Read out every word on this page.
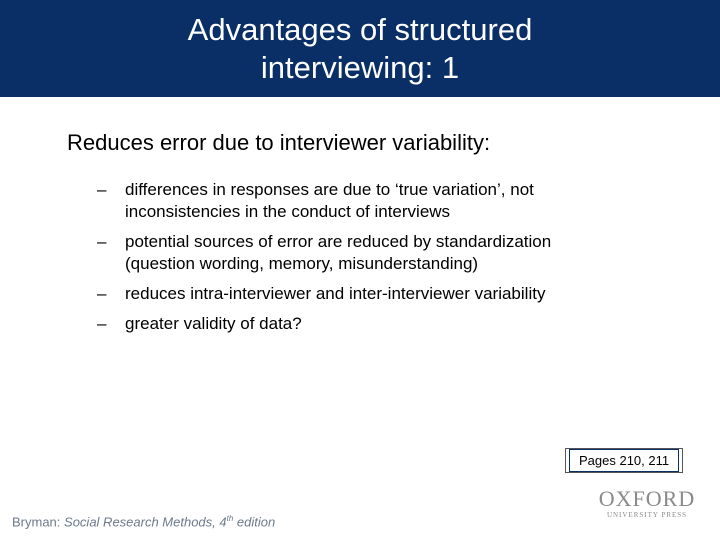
Advantages of structured
interviewing: 1
Reduces error due to interviewer variability:
– differences in responses are due to ‘true variation’, not
inconsistencies in the conduct of interviews
– potential sources of error are reduced by standardization
(question wording, memory, misunderstanding)
– reduces intra-interviewer and inter-interviewer variability
– greater validity of data?
Pages 210, 211
Bryman: Social Research Methods, 4th edition
OXFORD
UNIVERSITY PRESS
